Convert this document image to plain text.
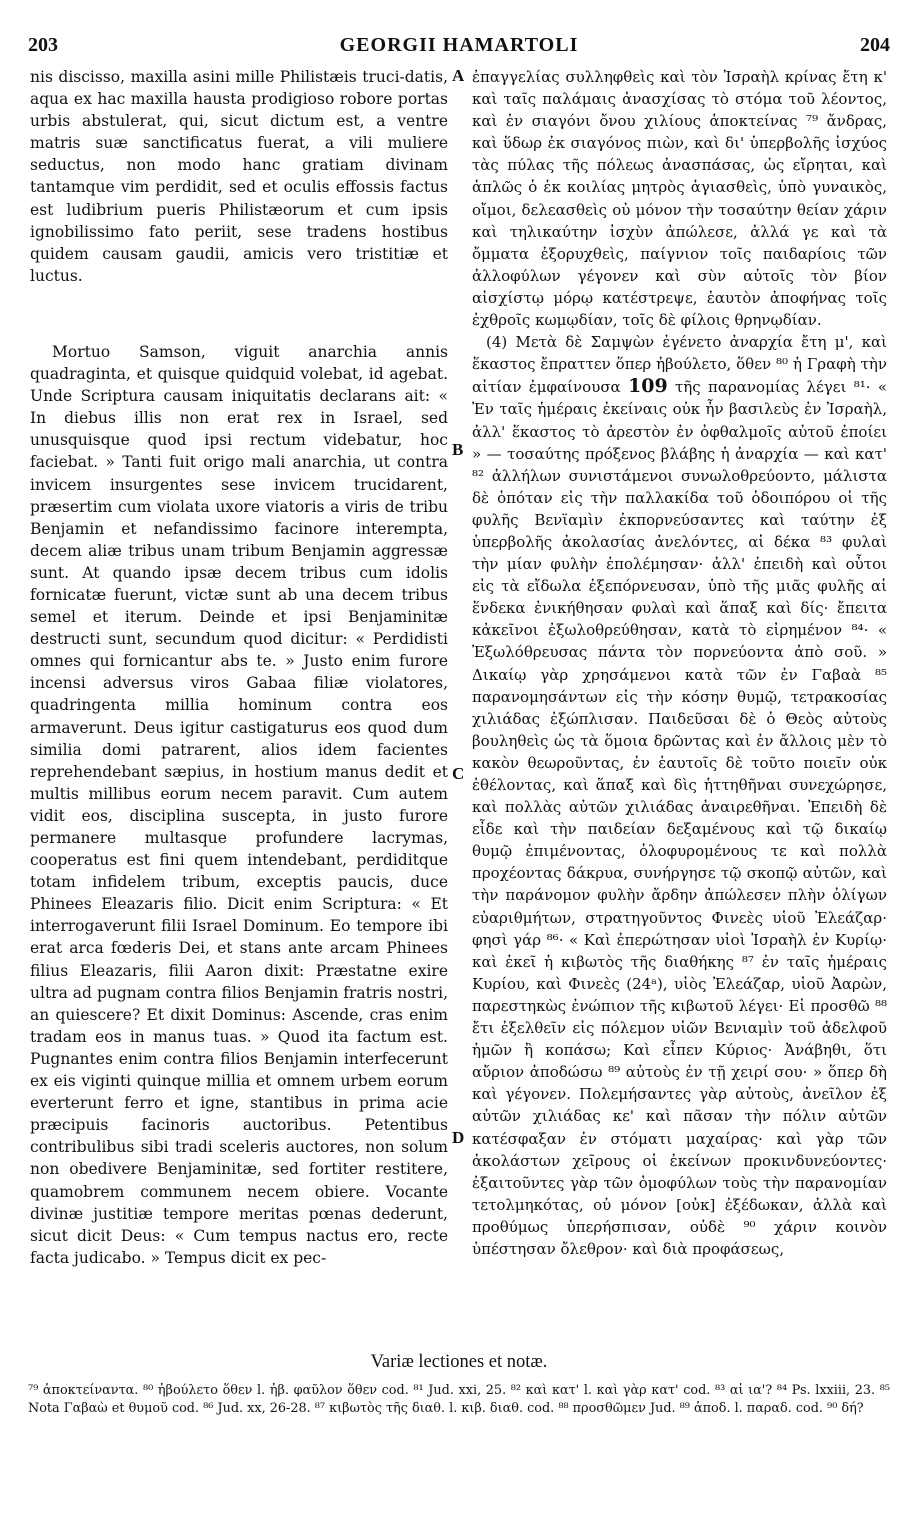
203	GEORGII HAMARTOLI	204

nis discisso, maxilla asini mille Philistæis truci-datis, aqua ex hac maxilla hausta prodigioso robore portas urbis abstulerat, qui, sicut dictum est, a ventre matris suæ sanctificatus fuerat, a vili muliere seductus, non modo hanc gratiam divinam tantamque vim perdidit, sed et oculis effossis factus est ludibrium pueris Philistæorum et cum ipsis ignobilissimo fato periit, sese tradens hostibus quidem causam gaudii, amicis vero tristitiæ et luctus.

Mortuo Samson, viguit anarchia annis quadraginta, et quisque quidquid volebat, id agebat. Unde Scriptura causam iniquitatis declarans ait: « In diebus illis non erat rex in Israel, sed unusquisque quod ipsi rectum videbatur, hoc faciebat. » Tanti fuit origo mali anarchia, ut contra invicem insurgentes sese invicem trucidarent, præsertim cum violata uxore viatoris a viris de tribu Benjamin et nefandissimo facinore interempta, decem aliæ tribus unam tribum Benjamin aggressæ sunt. At quando ipsæ decem tribus cum idolis fornicatæ fuerunt, victæ sunt ab una decem tribus semel et iterum. Deinde et ipsi Benjaminitæ destructi sunt, secundum quod dicitur: « Perdidisti omnes qui fornicantur abs te. » Justo enim furore incensi adversus viros Gabaa filiæ violatores, quadringenta millia hominum contra eos armaverunt. Deus igitur castigaturus eos quod dum similia domi patrarent, alios idem facientes reprehendebant sæpius, in hostium manus dedit et multis millibus eorum necem paravit. Cum autem vidit eos, disciplina suscepta, in justo furore permanere multasque profundere lacrymas, cooperatus est fini quem intendebant, perdiditque totam infidelem tribum, exceptis paucis, duce Phinees Eleazaris filio. Dicit enim Scriptura: « Et interrogaverunt filii Israel Dominum. Eo tempore ibi erat arca fœderis Dei, et stans ante arcam Phinees filius Eleazaris, filii Aaron dixit: Præstatne exire ultra ad pugnam contra filios Benjamin fratris nostri, an quiescere? Et dixit Dominus: Ascende, cras enim tradam eos in manus tuas. » Quod ita factum est. Pugnantes enim contra filios Benjamin interfecerunt ex eis viginti quinque millia et omnem urbem eorum everterunt ferro et igne, stantibus in prima acie præcipuis facinoris auctoribus. Petentibus contribulibus sibi tradi sceleris auctores, non solum non obedivere Benjaminitæ, sed fortiter restitere, quamobrem communem necem obiere. Vocante divinæ justitiæ tempore meritas pœnas dederunt, sicut dicit Deus: « Cum tempus nactus ero, recte facta judicabo. » Tempus dicit ex pec-

A
B
C
D

ἐπαγγελίας συλληφθεὶς καὶ τὸν Ἰσραὴλ κρίνας ἔτη κ' καὶ ταῖς παλάμαις ἀνασχίσας τὸ στόμα τοῦ λέοντος, καὶ ἐν σιαγόνι ὄνου χιλίους ἀποκτείνας ⁷⁹ ἄνδρας, καὶ ὕδωρ ἐκ σιαγόνος πιὼν, καὶ δι' ὑπερβολῆς ἰσχύος τὰς πύλας τῆς πόλεως ἀνασπάσας, ὡς εἴρηται, καὶ ἁπλῶς ὁ ἐκ κοιλίας μητρὸς ἁγιασθεὶς, ὑπὸ γυναικὸς, οἴμοι, δελεασθεὶς οὐ μόνον τὴν τοσαύτην θείαν χάριν καὶ τηλικαύτην ἰσχὺν ἀπώλεσε, ἀλλά γε καὶ τὰ ὄμματα ἐξορυχθεὶς, παίγνιον τοῖς παιδαρίοις τῶν ἀλλοφύλων γέγονεν καὶ σὺν αὐτοῖς τὸν βίον αἰσχίστῳ μόρῳ κατέστρεψε, ἑαυτὸν ἀποφήνας τοῖς ἐχθροῖς κωμῳδίαν, τοῖς δὲ φίλοις θρηνῳδίαν.

(4) Μετὰ δὲ Σαμψὼν ἐγένετο ἀναρχία ἔτη μ', καὶ ἕκαστος ἔπραττεν ὅπερ ἠβούλετο, ὅθεν ⁸⁰ ἡ Γραφὴ τὴν αἰτίαν ἐμφαίνουσα 109 τῆς παρανομίας λέγει ⁸¹· « Ἐν ταῖς ἡμέραις ἐκείναις οὐκ ἦν βασιλεὺς ἐν Ἰσραὴλ, ἀλλ' ἕκαστος τὸ ἀρεστὸν ἐν ὀφθαλμοῖς αὐτοῦ ἐποίει » — τοσαύτης πρόξενος βλάβης ἡ ἀναρχία — καὶ κατ' ⁸² ἀλλήλων συνιστάμενοι συνωλοθρεύοντο, μάλιστα δὲ ὁπόταν εἰς τὴν παλλακίδα τοῦ ὁδοιπόρου οἱ τῆς φυλῆς Βενϊαμὶν ἐκπορνεύσαντες καὶ ταύτην ἐξ ὑπερβολῆς ἀκολασίας ἀνελόντες, αἱ δέκα ⁸³ φυλαὶ τὴν μίαν φυλὴν ἐπολέμησαν· ἀλλ' ἐπειδὴ καὶ οὗτοι εἰς τὰ εἴδωλα ἐξεπόρνευσαν, ὑπὸ τῆς μιᾶς φυλῆς αἱ ἕνδεκα ἐνικήθησαν φυλαὶ καὶ ἅπαξ καὶ δίς· ἔπειτα κἀκεῖνοι ἐξωλοθρεύθησαν, κατὰ τὸ εἰρημένον ⁸⁴· « Ἐξωλόθρευσας πάντα τὸν πορνεύοντα ἀπὸ σοῦ. » Δικαίῳ γὰρ χρησάμενοι κατὰ τῶν ἐν Γαβαὰ ⁸⁵ παρανομησάντων εἰς τὴν κόσην θυμῷ, τετρακοσίας χιλιάδας ἐξώπλισαν. Παιδεῦσαι δὲ ὁ Θεὸς αὐτοὺς βουληθεὶς ὡς τὰ ὅμοια δρῶντας καὶ ἐν ἄλλοις μὲν τὸ κακὸν θεωροῦντας, ἐν ἑαυτοῖς δὲ τοῦτο ποιεῖν οὐκ ἐθέλοντας, καὶ ἅπαξ καὶ δὶς ἡττηθῆναι συνεχώρησε, καὶ πολλὰς αὐτῶν χιλιάδας ἀναιρεθῆναι. Ἐπειδὴ δὲ εἶδε καὶ τὴν παιδείαν δεξαμένους καὶ τῷ δικαίῳ θυμῷ ἐπιμένοντας, ὀλοφυρομένους τε καὶ πολλὰ προχέοντας δάκρυα, συνήργησε τῷ σκοπῷ αὐτῶν, καὶ τὴν παράνομον φυλὴν ἄρδην ἀπώλεσεν πλὴν ὀλίγων εὐαριθμήτων, στρατηγοῦντος Φινεὲς υἱοῦ Ἐλεάζαρ· φησὶ γάρ ⁸⁶· « Καὶ ἐπερώτησαν υἱοὶ Ἰσραὴλ ἐν Κυρίῳ· καὶ ἐκεῖ ἡ κιβωτὸς τῆς διαθήκης ⁸⁷ ἐν ταῖς ἡμέραις Κυρίου, καὶ Φινεὲς (24ᵃ), υἱὸς Ἐλεάζαρ, υἱοῦ Ἀαρὼν, παρεστηκὼς ἐνώπιον τῆς κιβωτοῦ λέγει· Εἰ προσθῶ ⁸⁸ ἔτι ἐξελθεῖν εἰς πόλεμον υἱῶν Βενιαμὶν τοῦ ἀδελφοῦ ἡμῶν ἢ κοπάσω; Καὶ εἶπεν Κύριος· Ἀνάβηθι, ὅτι αὔριον ἀποδώσω ⁸⁹ αὐτοὺς ἐν τῇ χειρί σου· » ὅπερ δὴ καὶ γέγονεν. Πολεμήσαντες γὰρ αὐτοὺς, ἀνεῖλον ἐξ αὐτῶν χιλιάδας κε' καὶ πᾶσαν τὴν πόλιν αὐτῶν κατέσφαξαν ἐν στόματι μαχαίρας· καὶ γὰρ τῶν ἀκολάστων χεῖρους οἱ ἐκείνων προκινδυνεύοντες· ἐξαιτοῦντες γὰρ τῶν ὁμοφύλων τοὺς τὴν παρανομίαν τετολμηκότας, οὐ μόνον [οὐκ] ἐξέδωκαν, ἀλλὰ καὶ προθύμως ὑπερήσπισαν, οὐδὲ ⁹⁰ χάριν κοινὸν ὑπέστησαν ὄλεθρον· καὶ διὰ προφάσεως,

Variæ lectiones et notæ.
⁷⁹ ἀποκτείναντα. ⁸⁰ ἠβούλετο ὅθεν l. ἠβ. φαῦλον ὅθεν cod. ⁸¹ Jud. xxi, 25. ⁸² καὶ κατ' l. καὶ γὰρ κατ' cod. ⁸³ αἱ ια'? ⁸⁴ Ps. lxxiii, 23. ⁸⁵ Nota Γαβαὼ et θυμοῦ cod. ⁸⁶ Jud. xx, 26-28. ⁸⁷ κιβωτὸς τῆς διαθ. l. κιβ. διαθ. cod. ⁸⁸ προσθῶμεν Jud. ⁸⁹ ἀποδ. l. παραδ. cod. ⁹⁰ δή?
